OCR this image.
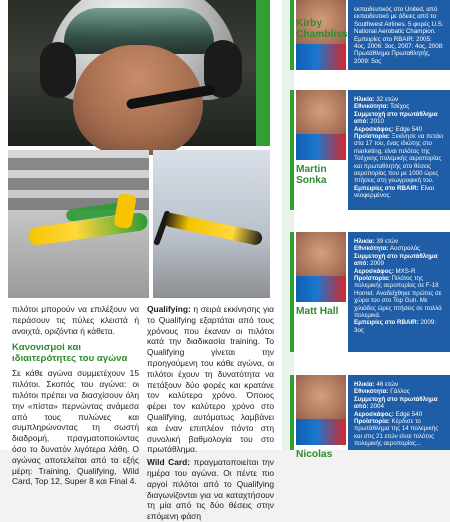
πιλότοι μπορούν να επιλέξουν να περάσουν τις πύλες κλειστά ή ανοιχτά, οριζόντια ή κάθετα.

Κανονισμοί και ιδιαιτερότητες του αγώνα

Σε κάθε αγώνα συμμετέχουν 15 πιλότοι. Σκοπός του αγώνα: οι πιλότοι πρέπει να διασχίσουν όλη την «πίστα» περνώντας ανάμεσα από τους πυλώνες και συμπληρώνοντας τη σωστή διαδρομή, πραγματοποιώντας όσο το δυνατόν λιγότερα λάθη. Ο αγώνας αποτελείται από τα εξής μέρη: Training, Qualifying, Wild Card, Top 12, Super 8 και Final 4.

Qualifying: η σειρά εκκίνησης για το Qualifying εξαρτάται από τους χρόνους που έκαναν οι πιλότοι κατά την διαδικασία training. Το Qualifying γίνεται την προηγούμενη του κάθε αγώνα, οι πιλότοι έχουν τη δυνατότητα να πετάξουν δύο φορές και κρατάνε τον καλύτερο χρόνο. Όποιος φέρει τον καλύτερο χρόνο στο Qualifying, αυτόματως λαμβάνει και έναν επιπλέον πόντο στη συνολική βαθμολογία του στο πρωτάθλημα.

Wild Card: πραγματοποιείται την ημέρα του αγώνα. Οι πέντε πιο αργοί πιλότοι από το Qualifying διαγωνίζονται για να καταχτήσουν τη μία από τις δύο θέσεις στην επόμενη φάση

Kirby Chambliss
εκπαιδευτικός στο United, από εκπαιδευτικό με άδειες από το Southwest Airlines. 5 φορές U.S. National Aerobatic Champion. Εμπειρίες στο RBAIR: 2005: 4ος, 2006: 3ος, 2007: 4ος, 2008: Πρωτάθλημα Πρωταθλητής, 2009: 5ος
Martin Sonka
Ηλικία: 32 ετών
Εθνικότητα: Τσέχος
Συμμετοχή στο πρωτάθλημα από: 2010
Αεροσκάφος: Edge 540
Προϊστορία: Ξεκίνησε να πετάει στα 17 του, ένας ιδιώτης στο marketing, είναι πιλότος της Τσέχικης πολεμικής αεροπορίας και πρωταθλητής στο θέσεις αεροπορίας που με 1000 ώρες πτήσεις στη γεωγραφική του.
Εμπειρίες στο RBAIR: Είναι νεοφερμένος.
Matt Hall
Ηλικία: 39 ετών
Εθνικότητα: Αυστραλός
Συμμετοχή στο πρωτάθλημα από: 2009
Αεροσκάφος: MXS-R
Προϊστορία: Πιλότος της πολεμικής αεροπορίας σε F-18 Hornet. Αναδείχθηκε πρώτος σε χώρα του στο Top Gun. Με χιλιάδες ώρες πτήσεις σε πολλά πολεμικά.
Εμπειρίες στο RBAIR: 2009: 3ος
Nicolas
Ηλικία: 46 ετών
Εθνικότητα: Γάλλος
Συμμετοχή στο πρωτάθλημα από: 2004
Αεροσκάφος: Edge 540
Προϊστορία: Κέρδισε το πρωτάθλημα της 14 πολεμικής και στις 21 ετών είναι πιλότος πολεμικής αεροπορίας...
